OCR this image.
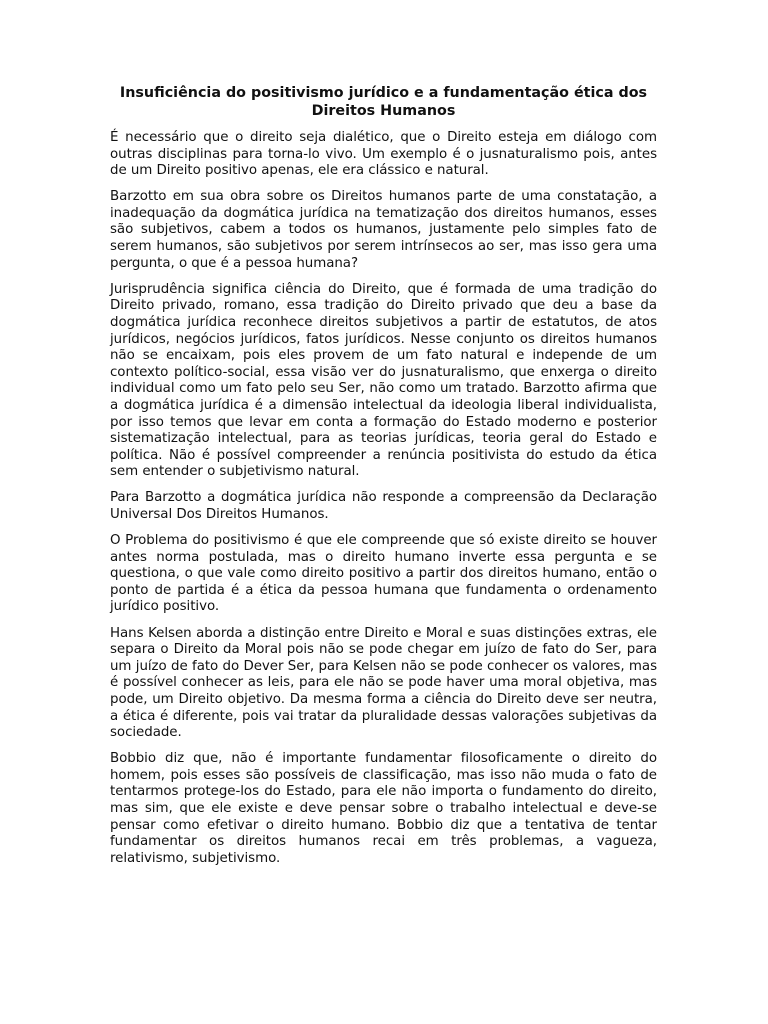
Insuficiência do positivismo jurídico e a fundamentação ética dos Direitos Humanos

É necessário que o direito seja dialético, que o Direito esteja em diálogo com outras disciplinas para torna-lo vivo. Um exemplo é o jusnaturalismo pois, antes de um Direito positivo apenas, ele era clássico e natural.

Barzotto em sua obra sobre os Direitos humanos parte de uma constatação, a inadequação da dogmática jurídica na tematização dos direitos humanos, esses são subjetivos, cabem a todos os humanos, justamente pelo simples fato de serem humanos, são subjetivos por serem intrínsecos ao ser, mas isso gera uma pergunta, o que é a pessoa humana?

Jurisprudência significa ciência do Direito, que é formada de uma tradição do Direito privado, romano, essa tradição do Direito privado que deu a base da dogmática jurídica reconhece direitos subjetivos a partir de estatutos, de atos jurídicos, negócios jurídicos, fatos jurídicos. Nesse conjunto os direitos humanos não se encaixam, pois eles provem de um fato natural e independe de um contexto político-social, essa visão ver do jusnaturalismo, que enxerga o direito individual como um fato pelo seu Ser, não como um tratado. Barzotto afirma que a dogmática jurídica é a dimensão intelectual da ideologia liberal individualista, por isso temos que levar em conta a formação do Estado moderno e posterior sistematização intelectual, para as teorias jurídicas, teoria geral do Estado e política. Não é possível compreender a renúncia positivista do estudo da ética sem entender o subjetivismo natural.

Para Barzotto a dogmática jurídica não responde a compreensão da Declaração Universal Dos Direitos Humanos.

O Problema do positivismo é que ele compreende que só existe direito se houver antes norma postulada, mas o direito humano inverte essa pergunta e se questiona, o que vale como direito positivo a partir dos direitos humano, então o ponto de partida é a ética da pessoa humana que fundamenta o ordenamento jurídico positivo.

Hans Kelsen aborda a distinção entre Direito e Moral e suas distinções extras, ele separa o Direito da Moral pois não se pode chegar em juízo de fato do Ser, para um juízo de fato do Dever Ser, para Kelsen não se pode conhecer os valores, mas é possível conhecer as leis, para ele não se pode haver uma moral objetiva, mas pode, um Direito objetivo. Da mesma forma a ciência do Direito deve ser neutra, a ética é diferente, pois vai tratar da pluralidade dessas valorações subjetivas da sociedade.

Bobbio diz que, não é importante fundamentar filosoficamente o direito do homem, pois esses são possíveis de classificação, mas isso não muda o fato de tentarmos protege-los do Estado, para ele não importa o fundamento do direito, mas sim, que ele existe e deve pensar sobre o trabalho intelectual e deve-se pensar como efetivar o direito humano. Bobbio diz que a tentativa de tentar fundamentar os direitos humanos recai em três problemas, a vagueza, relativismo, subjetivismo.
